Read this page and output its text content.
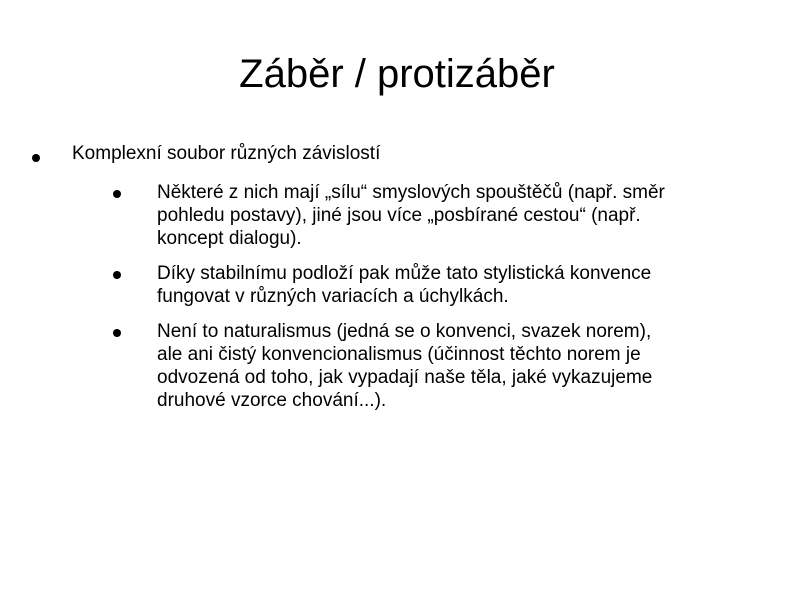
Záběr / protizáběr
Komplexní soubor různých závislostí
Některé z nich mají „sílu“ smyslových spouštěčů (např. směr
pohledu postavy), jiné jsou více „posbírané cestou“ (např.
koncept dialogu).
Díky stabilnímu podloží pak může tato stylistická konvence
fungovat v různých variacích a úchylkách.
Není to naturalismus (jedná se o konvenci, svazek norem),
ale ani čistý konvencionalismus (účinnost těchto norem je
odvozená od toho, jak vypadají naše těla, jaké vykazujeme
druhové vzorce chování...).
